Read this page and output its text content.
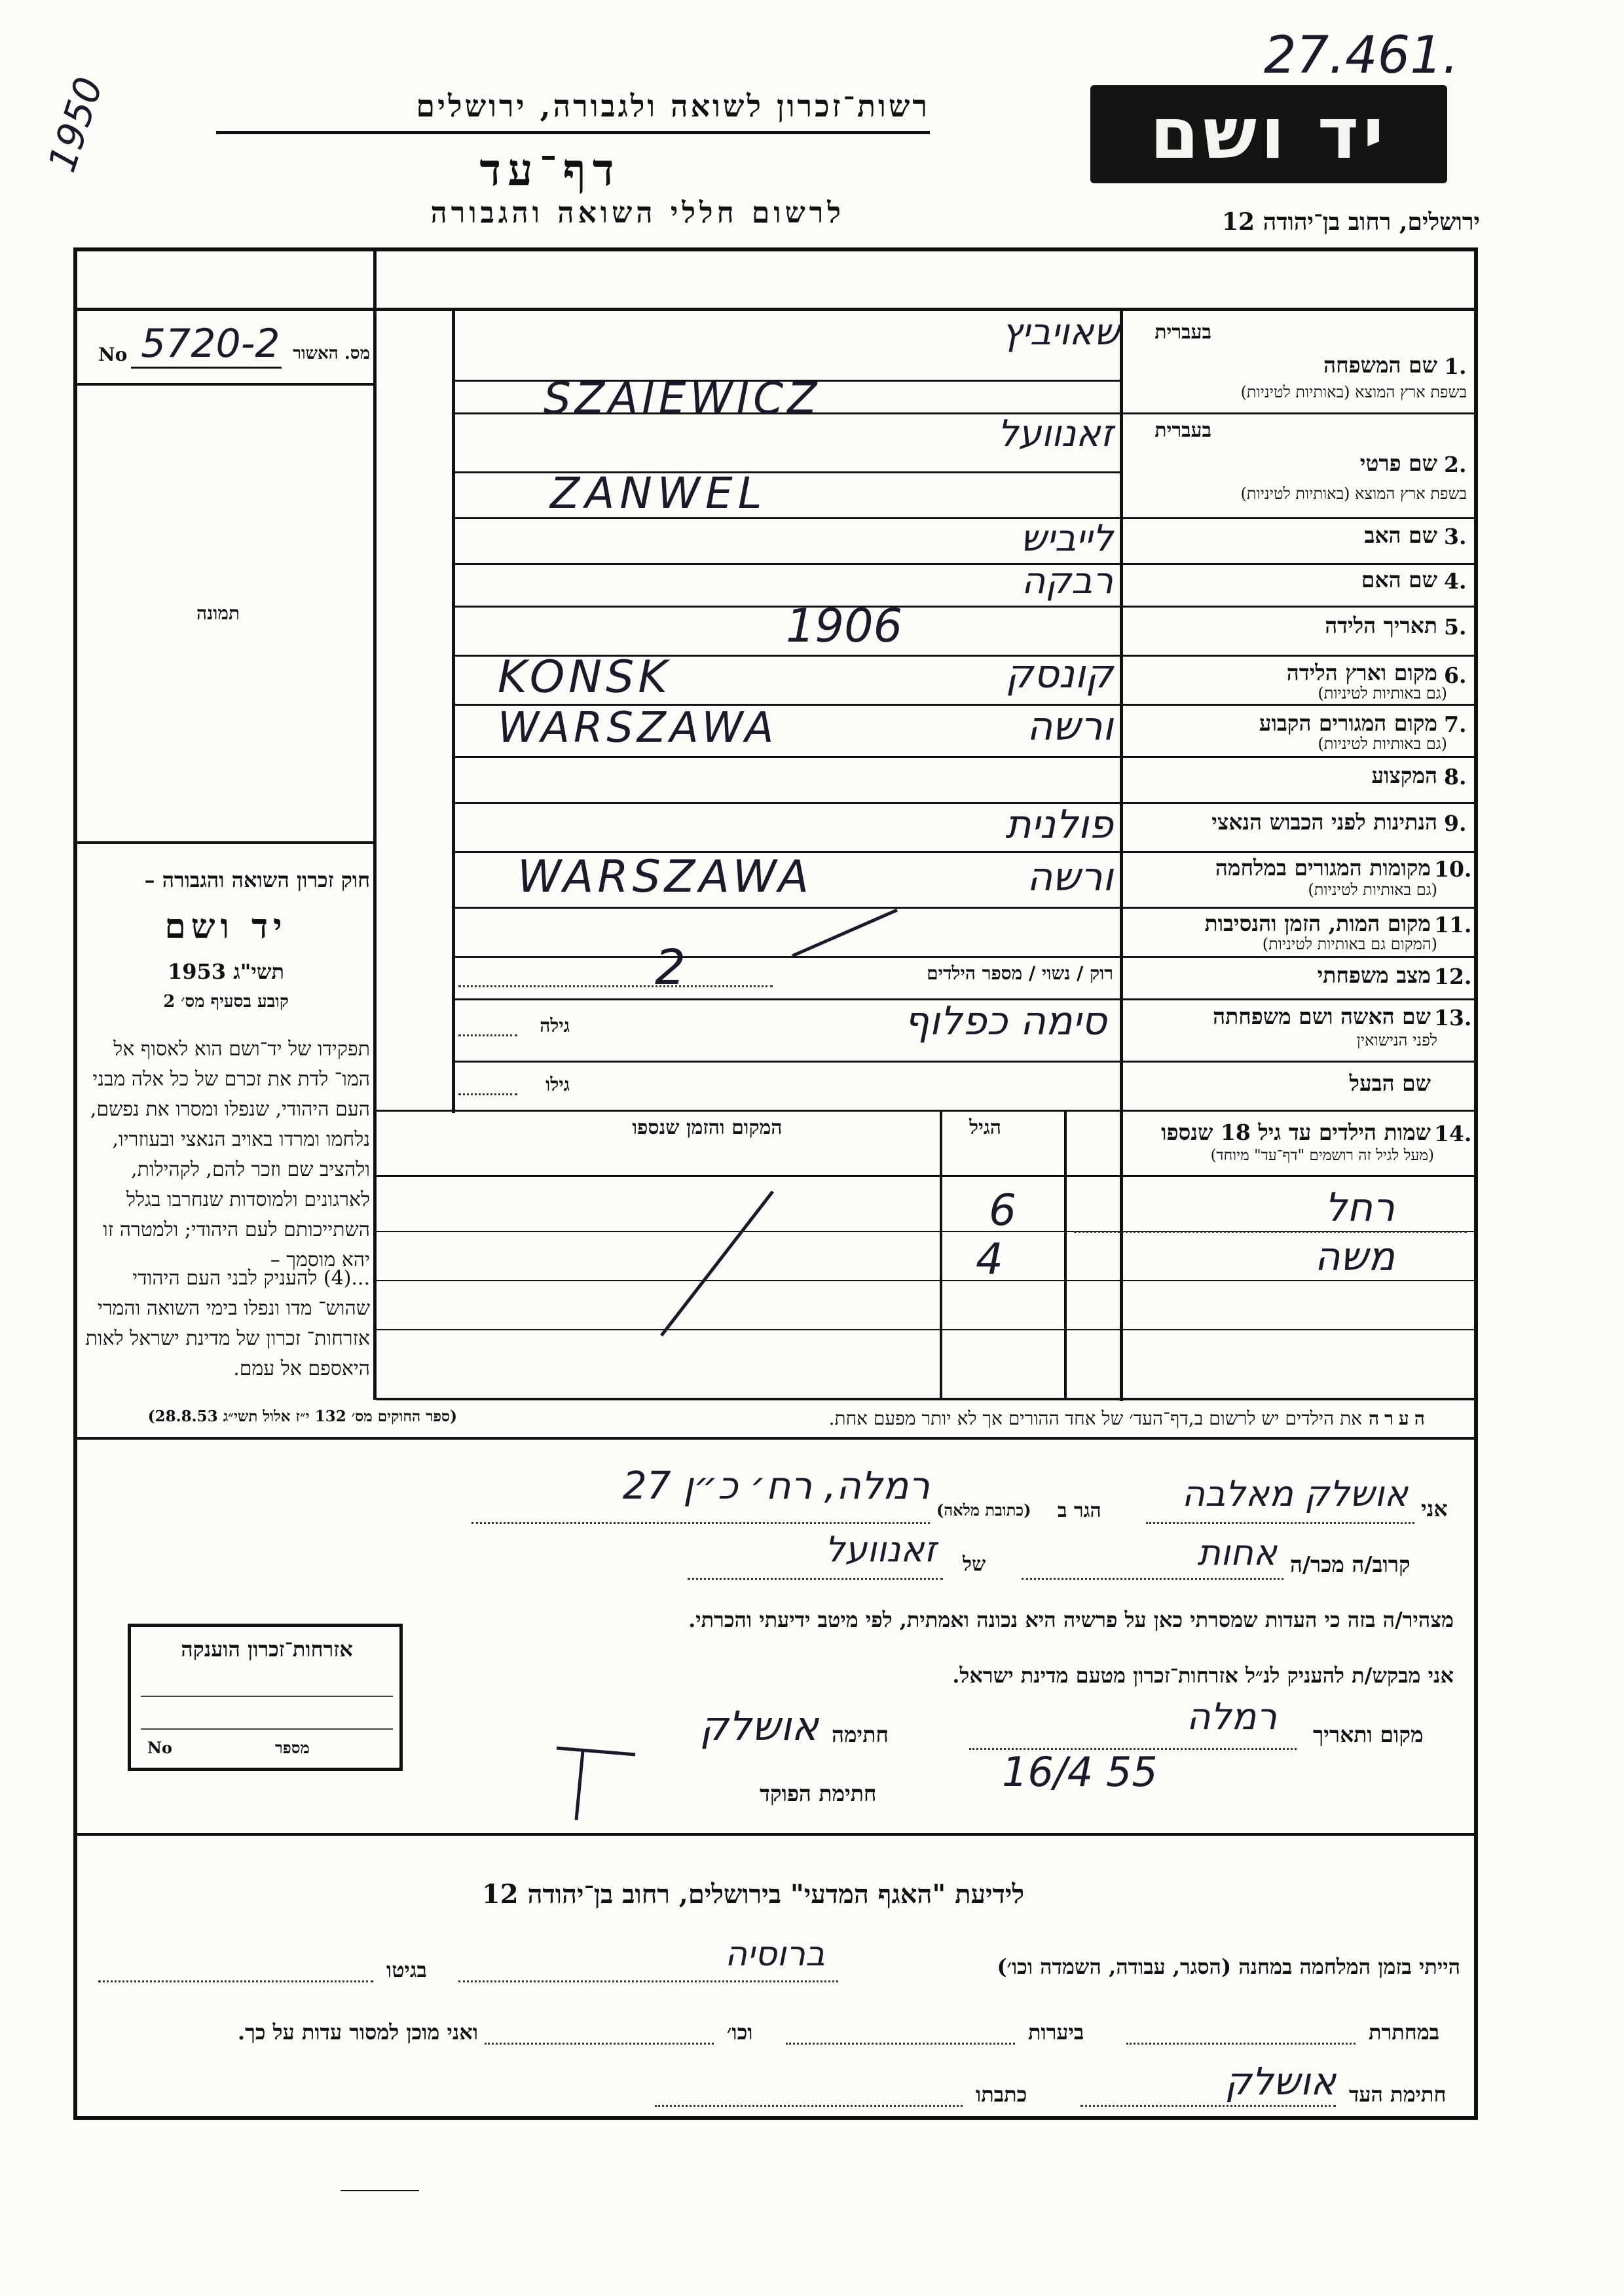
27.461.
1950	רשות־זכרון לשואה ולגבורה, ירושלים
דף־עד
לרשום חללי השואה והגבורה
יד ושם
ירושלים, רחוב בן־יהודה 12
No 5720-2 מס. האשור
תמונה
חוק זכרון השואה והגבורה –
יד ושם
תשי"ג 1953
קובע בסעיף מס׳ 2
תפקידו של יד־ושם הוא לאסוף אל המו־ לדת את זכרם של כל אלה מבני העם היהודי, שנפלו ומסרו את נפשם, נלחמו ומרדו באויב הנאצי ובעוזריו, ולהציב שם וזכר להם, לקהילות, לארגונים ולמוסדות שנחרבו בגלל השתייכותם לעם היהודי; ולמטרה זו יהא מוסמך –
...(4) להעניק לבני העם היהודי שהוש־ מדו ונפלו בימי השואה והמרי אזרחות־ זכרון של מדינת ישראל לאות היאספם אל עמם.
(ספר החוקים מס׳ 132 י״ז אלול תשי״ג 28.8.53)
בעברית
1.
שם המשפחה
בשפת ארץ המוצא (באותיות לטיניות)
שאויביץ
SZAIEWICZ
בעברית
2.
שם פרטי
בשפת ארץ המוצא (באותיות לטיניות)
זאנוועל
ZANWEL
3.
שם האב
לייביש
4.
שם האם
רבקה
5.
תאריך הלידה
1906
6.
מקום וארץ הלידה
(גם באותיות לטיניות)
קונסק
KONSK
7.
מקום המגורים הקבוע
(גם באותיות לטיניות)
ורשה
WARSZAWA
8.
המקצוע
9.
הנתינות לפני הכבוש הנאצי
פולנית
10.
מקומות המגורים במלחמה
(גם באותיות לטיניות)
ורשה
WARSZAWA
11.
מקום המות, הזמן והנסיבות
(המקום גם באותיות לטיניות)
12.
מצב משפחתי
רוק / נשוי / מספר הילדים
2
13.
שם האשה ושם משפחתה
לפני הנישואין
סימה כפלוף
גילה
שם הבעל
גילו
14.
שמות הילדים עד גיל 18 שנספו
(מעל לגיל זה רושמים "דף־עד" מיוחד)
הגיל
המקום והזמן שנספו
רחל
6
משה
4
הערה
את הילדים יש לרשום ב,דף־העד׳ של אחד ההורים אך לא יותר מפעם אחת.
אני
אושלק מאלבה
הגר ב
(כתובת מלאה)
רמלה, רח׳ כ״ן 27
קרוב/ה מכר/ה
אחות
של
זאנוועל
מצהיר/ה בזה כי העדות שמסרתי כאן על פרשיה היא נכונה ואמתית, לפי מיטב ידיעתי והכרתי.
אני מבקש/ת להעניק לנ״ל אזרחות־זכרון מטעם מדינת ישראל.
מקום ותאריך
רמלה
16/4 55
חתימה
אושלק
חתימת הפוקד
אזרחות־זכרון הוענקה
No	מספר
לידיעת "האגף המדעי" בירושלים, רחוב בן־יהודה 12
הייתי בזמן המלחמה במחנה (הסגר, עבודה, השמדה וכו׳)
ברוסיה
בגיטו
במחתרת
ביערות
וכו׳
ואני מוכן למסור עדות על כך.
חתימת העד
אושלק
כתבתו
